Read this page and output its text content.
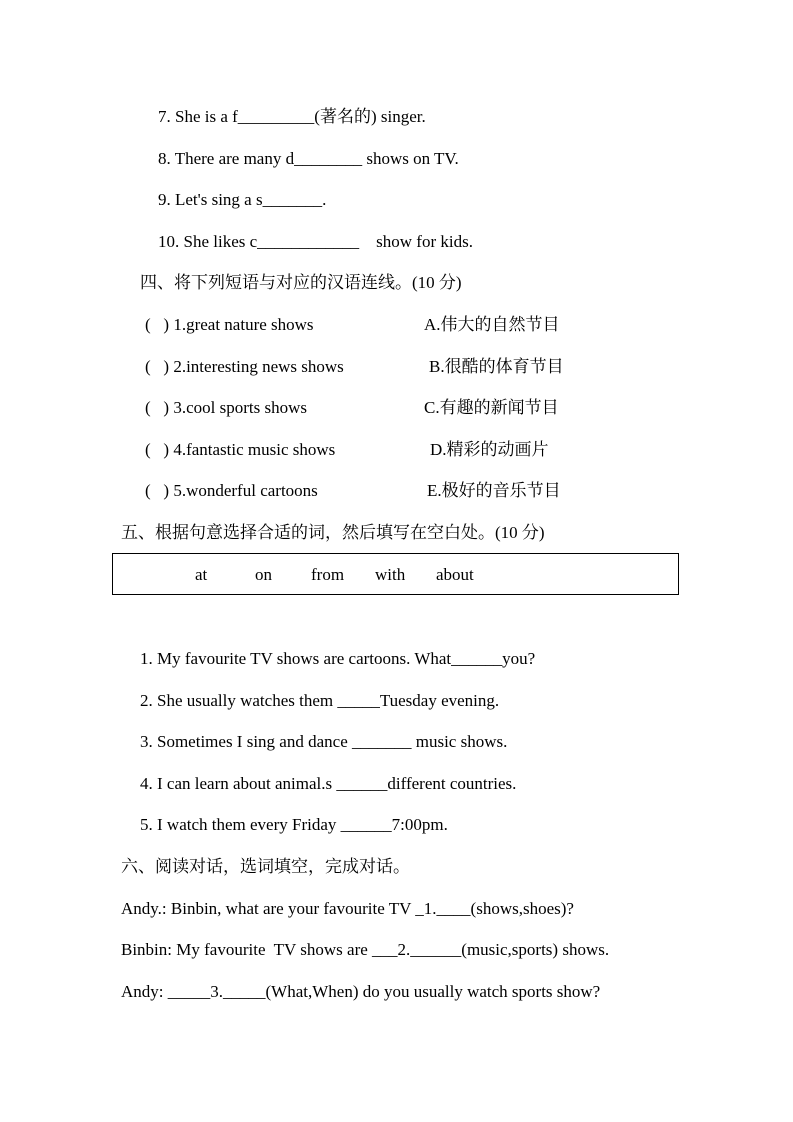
7. She is a f_________(著名的) singer.
8. There are many d________ shows on TV.
9. Let's sing a s_______.
10. She likes c____________    show for kids.
四、将下列短语与对应的汉语连线。(10 分)
(   ) 1.great nature shows	A.伟大的自然节目
(   ) 2.interesting news shows	B.很酷的体育节目
(   ) 3.cool sports shows	C.有趣的新闻节目
(   ) 4.fantastic music shows	D.精彩的动画片
(   ) 5.wonderful cartoons	E.极好的音乐节目
五、根据句意选择合适的词，然后填写在空白处。(10 分)
at	on from with about
1. My favourite TV shows are cartoons. What______you?
2. She usually watches them _____Tuesday evening.
3. Sometimes I sing and dance _______ music shows.
4. I can learn about animal.s ______different countries.
5. I watch them every Friday ______7:00pm.
六、阅读对话，选词填空，完成对话。
Andy.: Binbin, what are your favourite TV _1.____(shows,shoes)?
Binbin: My favourite  TV shows are ___2.______(music,sports) shows.
Andy: _____3._____(What,When) do you usually watch sports show?
